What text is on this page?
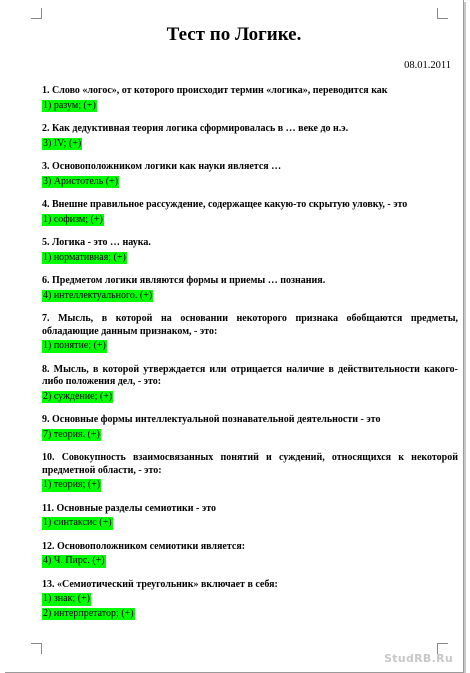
Тест по Логике.
08.01.2011
1. Слово «логос», от которого происходит термин «логика», переводится как
1) разум; (+)
2. Как дедуктивная теория логика сформировалась в … веке до н.э.
3) IV; (+)
3. Основоположником логики как науки является …
3) Аристотель (+)
4. Внешне правильное рассуждение, содержащее какую-то скрытую уловку, - это
1) софизм; (+)
5. Логика - это … наука.
1) нормативная; (+)
6. Предметом логики являются формы и приемы … познания.
4) интеллектуального. (+)
7. Мысль, в которой на основании некоторого признака обобщаются предметы, обладающие данным признаком, - это:
1) понятие; (+)
8. Мысль, в которой утверждается или отрицается наличие в действительности какого-либо положения дел, - это:
2) суждение; (+)
9. Основные формы интеллектуальной познавательной деятельности - это
7) теория. (+)
10. Совокупность взаимосвязанных понятий и суждений, относящихся к некоторой предметной области, - это:
1) теория; (+)
11. Основные разделы семиотики - это
1) синтаксис (+)
12. Основоположником семиотики является:
4) Ч. Пирс. (+)
13. «Семиотический треугольник» включает в себя:
1) знак; (+)
2) интерпретатор; (+)
StudRB.Ru
